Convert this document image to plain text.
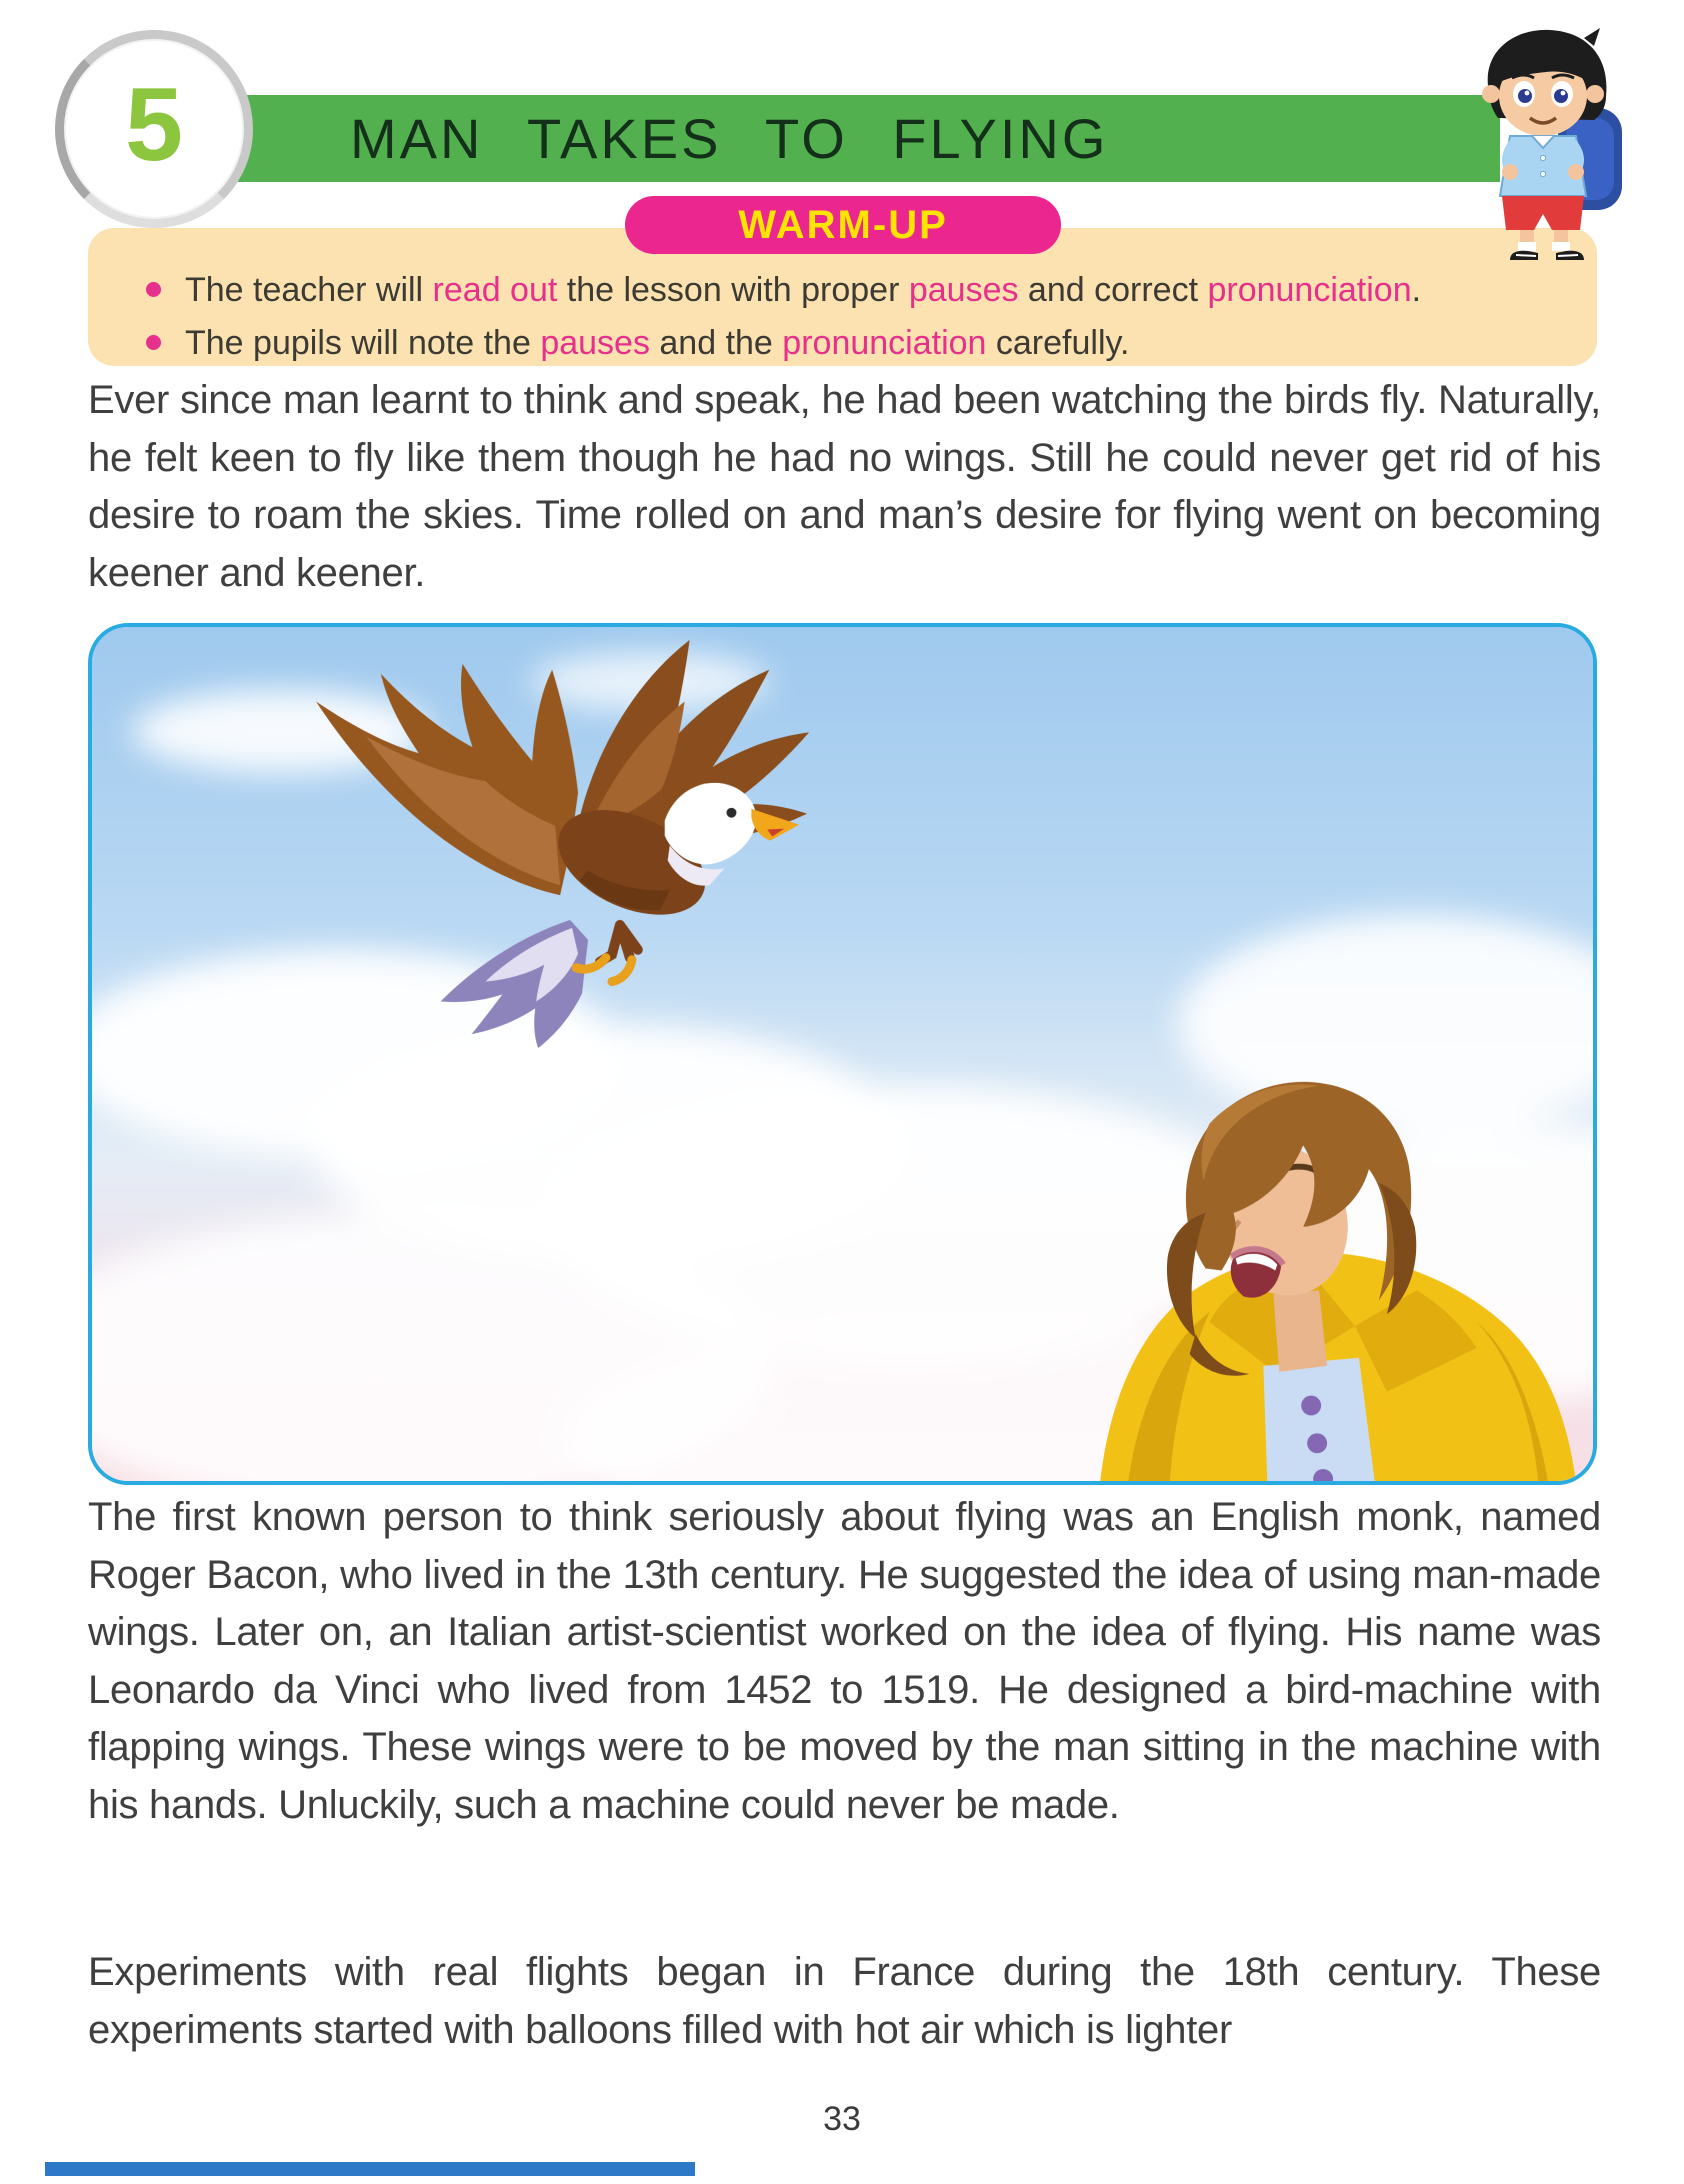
MAN TAKES TO FLYING
5
WARM-UP
The teacher will read out the lesson with proper pauses and correct pronunciation.
The pupils will note the pauses and the pronunciation carefully.
Ever since man learnt to think and speak, he had been watching the birds fly. Naturally, he felt keen to fly like them though he had no wings. Still he could never get rid of his desire to roam the skies. Time rolled on and man’s desire for flying went on becoming keener and keener.
The first known person to think seriously about flying was an English monk, named Roger Bacon, who lived in the 13th century. He suggested the idea of using man-made wings. Later on, an Italian artist-scientist worked on the idea of flying. His name was Leonardo da Vinci who lived from 1452 to 1519. He designed a bird-machine with flapping wings. These wings were to be moved by the man sitting in the machine with his hands. Unluckily, such a machine could never be made.
Experiments with real flights began in France during the 18th century. These experiments started with balloons filled with hot air which is lighter
33
